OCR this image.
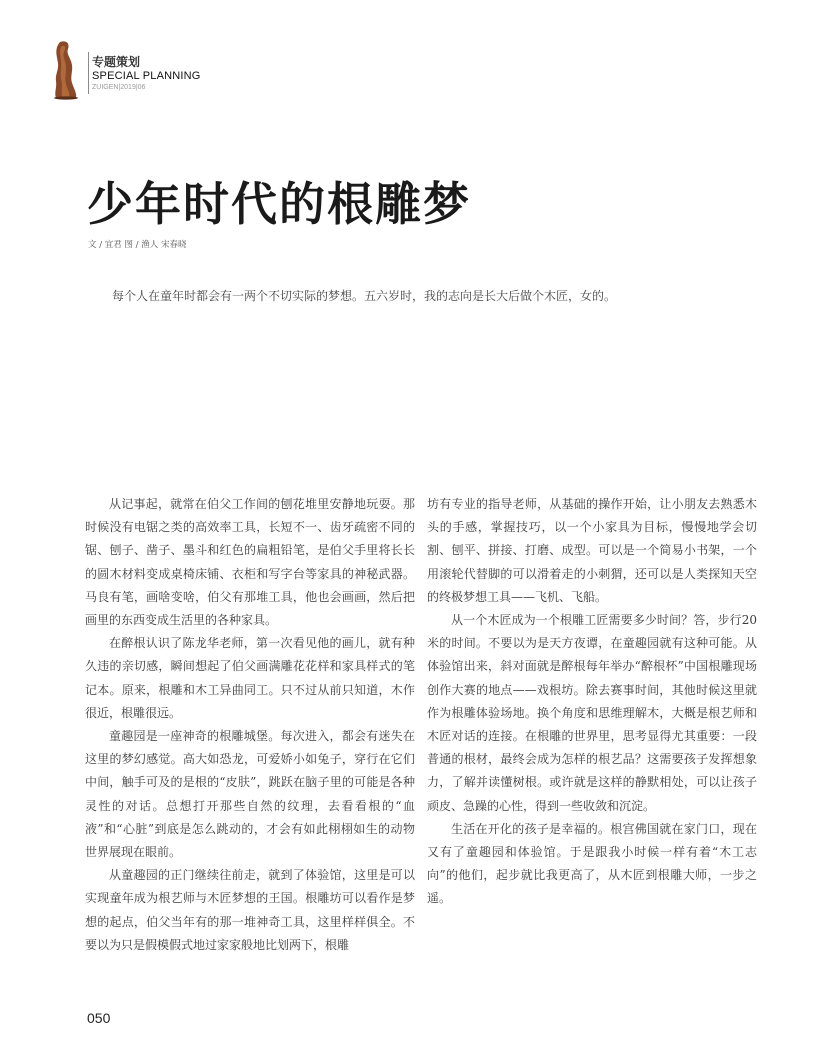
专题策划
SPECIAL PLANNING
ZUIGEN|2019|06
少年时代的根雕梦
文 / 宜君 图 / 渔人 宋春晓
每个人在童年时都会有一两个不切实际的梦想。五六岁时，我的志向是长大后做个木匠，女的。

从记事起，就常在伯父工作间的刨花堆里安静地玩耍。那时候没有电锯之类的高效率工具，长短不一、齿牙疏密不同的锯、刨子、凿子、墨斗和红色的扁粗铅笔，是伯父手里将长长的圆木材料变成桌椅床铺、衣柜和写字台等家具的神秘武器。马良有笔，画啥变啥，伯父有那堆工具，他也会画画，然后把画里的东西变成生活里的各种家具。

在醉根认识了陈龙华老师，第一次看见他的画儿，就有种久违的亲切感，瞬间想起了伯父画满雕花花样和家具样式的笔记本。原来，根雕和木工异曲同工。只不过从前只知道，木作很近，根雕很远。

童趣园是一座神奇的根雕城堡。每次进入，都会有迷失在这里的梦幻感觉。高大如恐龙，可爱娇小如兔子，穿行在它们中间，触手可及的是根的“皮肤”，跳跃在脑子里的可能是各种灵性的对话。总想打开那些自然的纹理，去看看根的“血液”和“心脏”到底是怎么跳动的，才会有如此栩栩如生的动物世界展现在眼前。

从童趣园的正门继续往前走，就到了体验馆，这里是可以实现童年成为根艺师与木匠梦想的王国。根雕坊可以看作是梦想的起点，伯父当年有的那一堆神奇工具，这里样样俱全。不要以为只是假模假式地过家家般地比划两下，根雕

坊有专业的指导老师，从基础的操作开始，让小朋友去熟悉木头的手感，掌握技巧，以一个小家具为目标，慢慢地学会切割、刨平、拼接、打磨、成型。可以是一个简易小书架，一个用滚轮代替脚的可以滑着走的小刺猬，还可以是人类探知天空的终极梦想工具——飞机、飞船。

从一个木匠成为一个根雕工匠需要多少时间？答，步行20米的时间。不要以为是天方夜谭，在童趣园就有这种可能。从体验馆出来，斜对面就是醉根每年举办“醉根杯”中国根雕现场创作大赛的地点——戏根坊。除去赛事时间，其他时候这里就作为根雕体验场地。换个角度和思维理解木，大概是根艺师和木匠对话的连接。在根雕的世界里，思考显得尤其重要：一段普通的根材，最终会成为怎样的根艺品？这需要孩子发挥想象力，了解并读懂树根。或许就是这样的静默相处，可以让孩子顽皮、急躁的心性，得到一些收敛和沉淀。

生活在开化的孩子是幸福的。根宫佛国就在家门口，现在又有了童趣园和体验馆。于是跟我小时候一样有着“木工志向”的他们，起步就比我更高了，从木匠到根雕大师，一步之遥。

050
